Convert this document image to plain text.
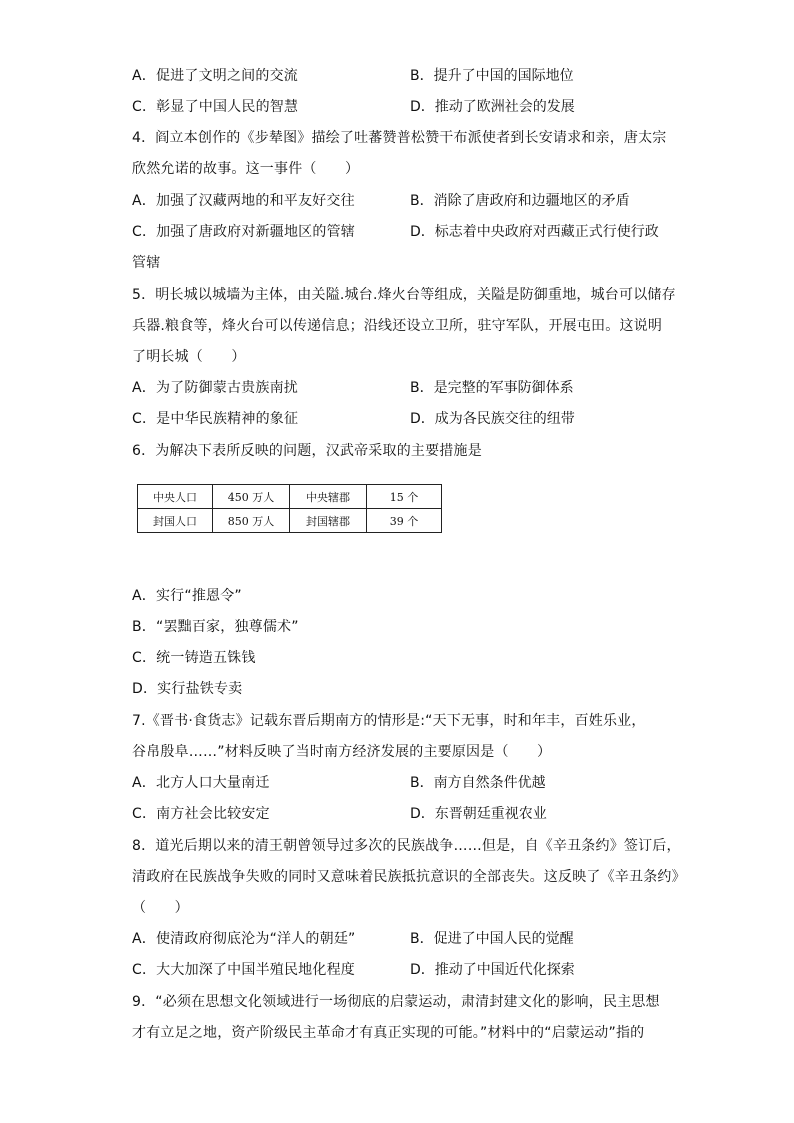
A．促进了文明之间的交流	B．提升了中国的国际地位
C．彰显了中国人民的智慧	D．推动了欧洲社会的发展
4．阎立本创作的《步辇图》描绘了吐蕃赞普松赞干布派使者到长安请求和亲，唐太宗
欣然允诺的故事。这一事件（　　）
A．加强了汉藏两地的和平友好交往	B．消除了唐政府和边疆地区的矛盾
C．加强了唐政府对新疆地区的管辖	D．标志着中央政府对西藏正式行使行政
管辖
5．明长城以城墙为主体，由关隘.城台.烽火台等组成，关隘是防御重地，城台可以储存
兵器.粮食等，烽火台可以传递信息；沿线还设立卫所，驻守军队，开展屯田。这说明
了明长城（　　）
A．为了防御蒙古贵族南扰	B．是完整的军事防御体系
C．是中华民族精神的象征	D．成为各民族交往的纽带
6．为解决下表所反映的问题，汉武帝采取的主要措施是
中央人口	450 万人	中央辖郡	15 个
封国人口	850 万人	封国辖郡	39 个
A．实行“推恩令”
B．“罢黜百家，独尊儒术”
C．统一铸造五铢钱
D．实行盐铁专卖
7.《晋书·食货志》记载东晋后期南方的情形是:“天下无事，时和年丰，百姓乐业，
谷帛殷阜……”材料反映了当时南方经济发展的主要原因是（　　）
A．北方人口大量南迁	B．南方自然条件优越
C．南方社会比较安定	D．东晋朝廷重视农业
8．道光后期以来的清王朝曾领导过多次的民族战争……但是，自《辛丑条约》签订后，
清政府在民族战争失败的同时又意味着民族抵抗意识的全部丧失。这反映了《辛丑条约》
（　　）
A．使清政府彻底沦为“洋人的朝廷”	B．促进了中国人民的觉醒
C．大大加深了中国半殖民地化程度	D．推动了中国近代化探索
9．“必须在思想文化领域进行一场彻底的启蒙运动，肃清封建文化的影响，民主思想
才有立足之地，资产阶级民主革命才有真正实现的可能。”材料中的“启蒙运动”指的
